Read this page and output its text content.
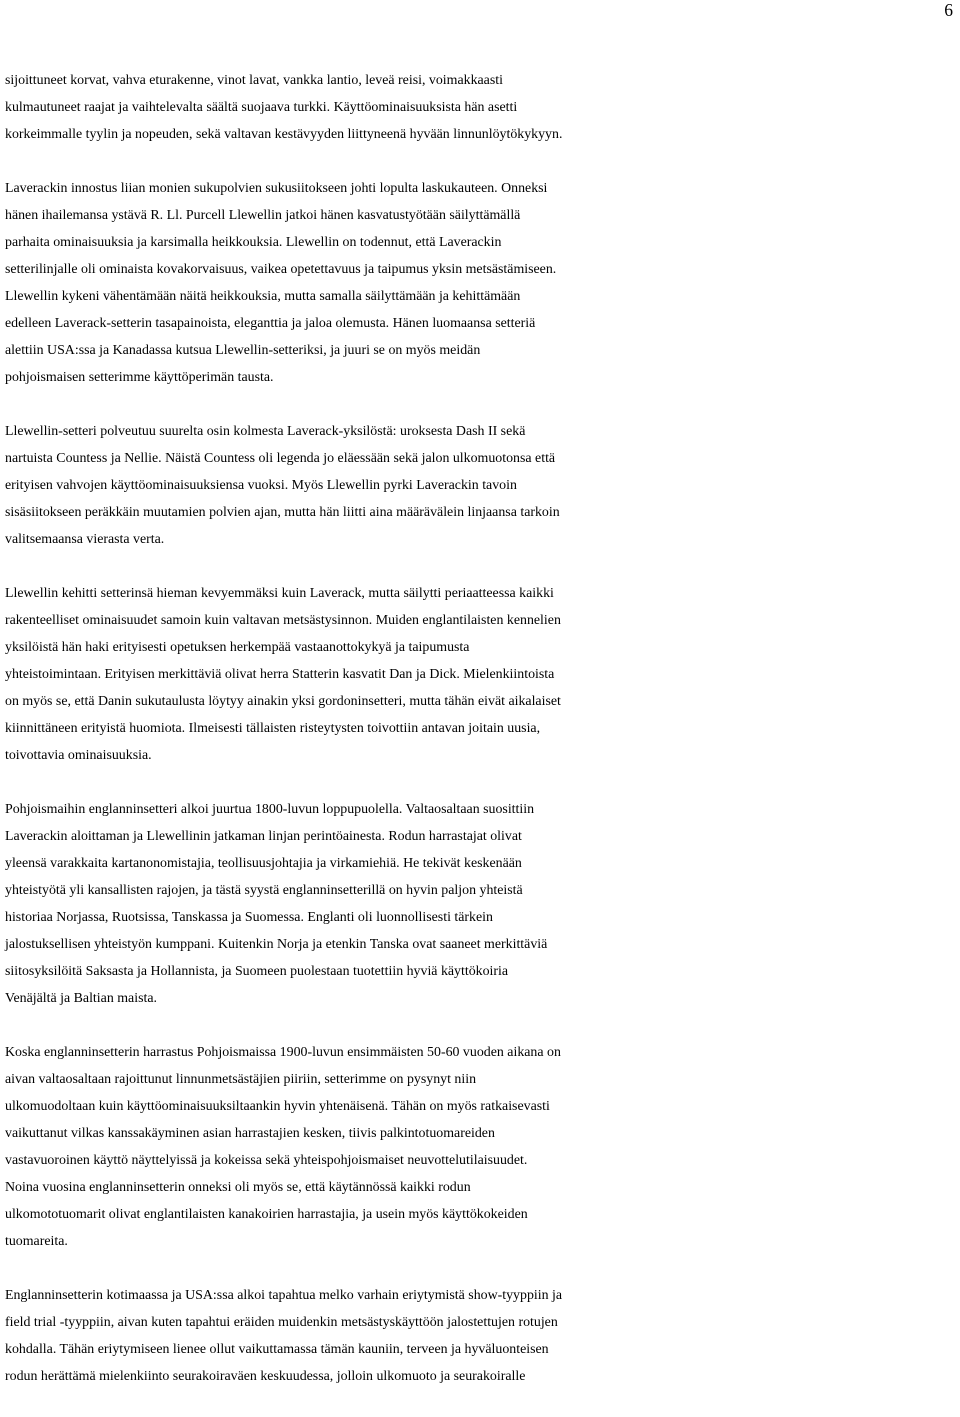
6

sijoittuneet korvat, vahva eturakenne, vinot lavat, vankka lantio, leveä reisi, voimakkaasti
kulmautuneet raajat ja vaihtelevalta säältä suojaava turkki. Käyttöominaisuuksista hän asetti
korkeimmalle tyylin ja nopeuden, sekä valtavan kestävyyden liittyneenä hyvään linnunlöytökykyyn.

Laverackin innostus liian monien sukupolvien sukusiitokseen johti lopulta laskukauteen. Onneksi
hänen ihailemansa ystävä R. Ll. Purcell Llewellin jatkoi hänen kasvatustyötään säilyttämällä
parhaita ominaisuuksia ja karsimalla heikkouksia. Llewellin on todennut, että Laverackin
setterilinjalle oli ominaista kovakorvaisuus, vaikea opetettavuus ja taipumus yksin metsästämiseen.
Llewellin kykeni vähentämään näitä heikkouksia, mutta samalla säilyttämään ja kehittämään
edelleen Laverack-setterin tasapainoista, eleganttia ja jaloa olemusta. Hänen luomaansa setteriä
alettiin USA:ssa ja Kanadassa kutsua Llewellin-setteriksi, ja juuri se on myös meidän
pohjoismaisen setterimme käyttöperimän tausta.

Llewellin-setteri polveutuu suurelta osin kolmesta Laverack-yksilöstä: uroksesta Dash II sekä
nartuista Countess ja Nellie. Näistä Countess oli legenda jo eläessään sekä jalon ulkomuotonsa että
erityisen vahvojen käyttöominaisuuksiensa vuoksi. Myös Llewellin pyrki Laverackin tavoin
sisäsiitokseen peräkkäin muutamien polvien ajan, mutta hän liitti aina määrävälein linjaansa tarkoin
valitsemaansa vierasta verta.

Llewellin kehitti setterinsä hieman kevyemmäksi kuin Laverack, mutta säilytti periaatteessa kaikki
rakenteelliset ominaisuudet samoin kuin valtavan metsästysinnon. Muiden englantilaisten kennelien
yksilöistä hän haki erityisesti opetuksen herkempää vastaanottokykyä ja taipumusta
yhteistoimintaan. Erityisen merkittäviä olivat herra Statterin kasvatit Dan ja Dick. Mielenkiintoista
on myös se, että Danin sukutaulusta löytyy ainakin yksi gordoninsetteri, mutta tähän eivät aikalaiset
kiinnittäneen erityistä huomiota. Ilmeisesti tällaisten risteytysten toivottiin antavan joitain uusia,
toivottavia ominaisuuksia.

Pohjoismaihin englanninsetteri alkoi juurtua 1800-luvun loppupuolella. Valtaosaltaan suosittiin
Laverackin aloittaman ja Llewellinin jatkaman linjan perintöainesta. Rodun harrastajat olivat
yleensä varakkaita kartanonomistajia, teollisuusjohtajia ja virkamiehiä. He tekivät keskenään
yhteistyötä yli kansallisten rajojen, ja tästä syystä englanninsetterillä on hyvin paljon yhteistä
historiaa Norjassa, Ruotsissa, Tanskassa ja Suomessa. Englanti oli luonnollisesti tärkein
jalostuksellisen yhteistyön kumppani. Kuitenkin Norja ja etenkin Tanska ovat saaneet merkittäviä
siitosyksilöitä Saksasta ja Hollannista, ja Suomeen puolestaan tuotettiin hyviä käyttökoiria
Venäjältä ja Baltian maista.

Koska englanninsetterin harrastus Pohjoismaissa 1900-luvun ensimmäisten 50-60 vuoden aikana on
aivan valtaosaltaan rajoittunut linnunmetsästäjien piiriin, setterimme on pysynyt niin
ulkomuodoltaan kuin käyttöominaisuuksiltaankin hyvin yhtenäisenä. Tähän on myös ratkaisevasti
vaikuttanut vilkas kanssakäyminen asian harrastajien kesken, tiivis palkintotuomareiden
vastavuoroinen käyttö näyttelyissä ja kokeissa sekä yhteispohjoismaiset neuvottelutilaisuudet.
Noina vuosina englanninsetterin onneksi oli myös se, että käytännössä kaikki rodun
ulkomototuomarit olivat englantilaisten kanakoirien harrastajia, ja usein myös käyttökokeiden
tuomareita.

Englanninsetterin kotimaassa ja USA:ssa alkoi tapahtua melko varhain eriytymistä show-tyyppiin ja
field trial -tyyppiin, aivan kuten tapahtui eräiden muidenkin metsästyskäyttöön jalostettujen rotujen
kohdalla. Tähän eriytymiseen lienee ollut vaikuttamassa tämän kauniin, terveen ja hyväluonteisen
rodun herättämä mielenkiinto seurakoiraväen keskuudessa, jolloin ulkomuoto ja seurakoiralle
